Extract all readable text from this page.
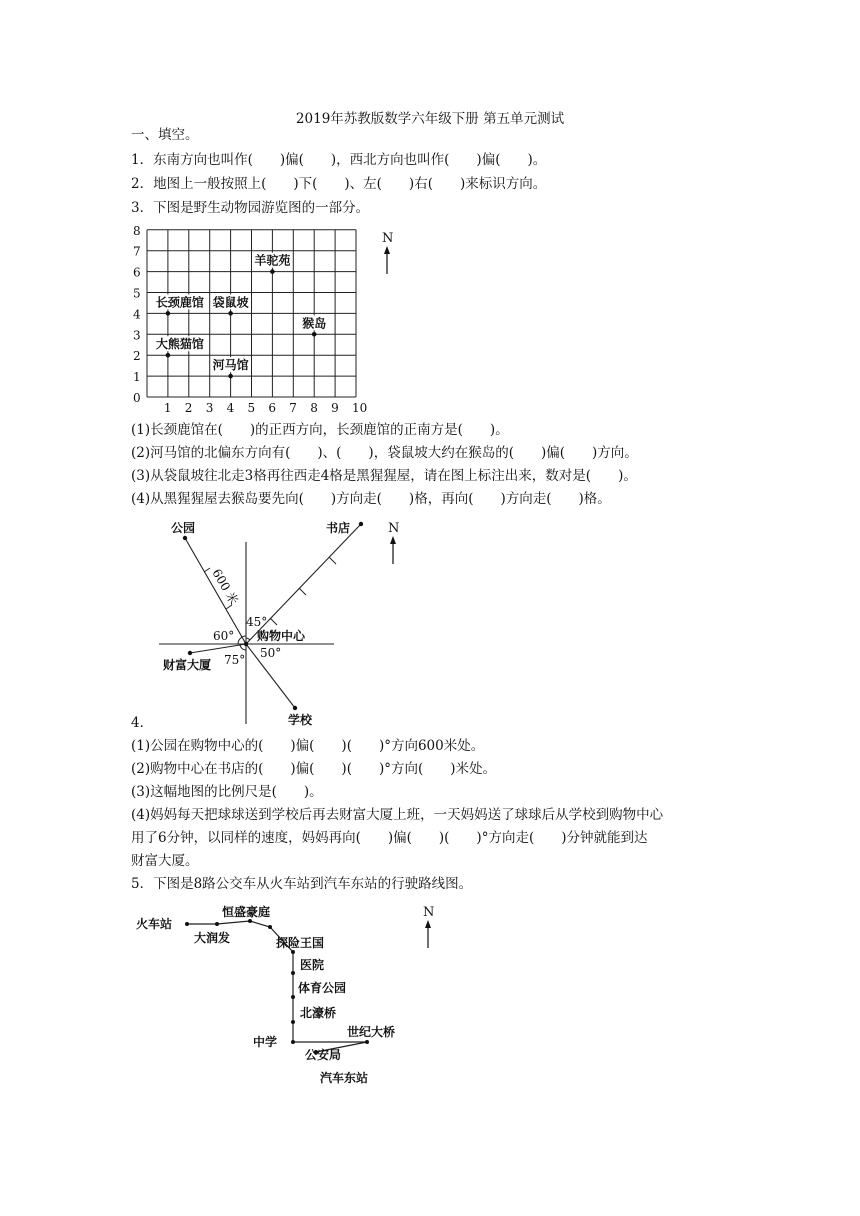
2019年苏教版数学六年级下册 第五单元测试
一、填空。
1．东南方向也叫作(　　)偏(　　)，西北方向也叫作(　　)偏(　　)。
2．地图上一般按照上(　　)下(　　)、左(　　)右(　　)来标识方向。
3．下图是野生动物园游览图的一部分。
1 2 3 4 5 6 7 8 9 10
0
1
2
3
4
5
6
7
8
羊驼苑
长颈鹿馆 袋鼠坡
猴岛
大熊猫馆
河马馆
N
(1)长颈鹿馆在(　　)的正西方向，长颈鹿馆的正南方是(　　)。
(2)河马馆的北偏东方向有(　　)、(　　)，袋鼠坡大约在猴岛的(　　)偏(　　)方向。
(3)从袋鼠坡往北走3格再往西走4格是黑猩猩屋，请在图上标注出来，数对是(　　)。
(4)从黑猩猩屋去猴岛要先向(　　)方向走(　　)格，再向(　　)方向走(　　)格。
公园	书店
购物中心
财富大厦
学校
600 米
45°
60°
75° 50°
N
4．
(1)公园在购物中心的(　　)偏(　　)(　　)°方向600米处。
(2)购物中心在书店的(　　)偏(　　)(　　)°方向(　　)米处。
(3)这幅地图的比例尺是(　　)。
(4)妈妈每天把球球送到学校后再去财富大厦上班，一天妈妈送了球球后从学校到购物中心
用了6分钟，以同样的速度，妈妈再向(　　)偏(　　)(　　)°方向走(　　)分钟就能到达
财富大厦。
5．下图是8路公交车从火车站到汽车东站的行驶路线图。
火车站
恒盛豪庭
大润发	探险王国
医院
体育公园
北濠桥
世纪大桥
中学
公安局
汽车东站
N
